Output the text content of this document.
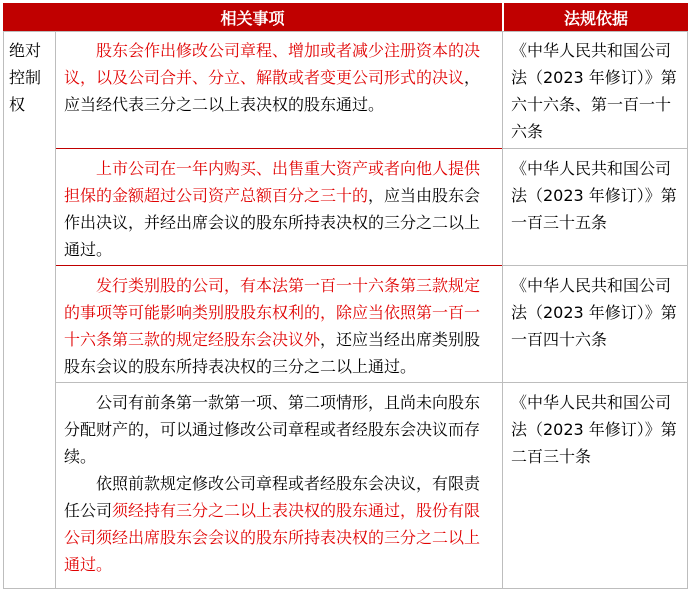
相关事项	法规依据
绝对控制权
股东会作出修改公司章程、增加或者减少注册资本的决议，以及公司合并、分立、解散或者变更公司形式的决议，应当经代表三分之二以上表决权的股东通过。
《中华人民共和国公司法（2023 年修订）》第六十六条、第一百一十六条
上市公司在一年内购买、出售重大资产或者向他人提供担保的金额超过公司资产总额百分之三十的，应当由股东会作出决议，并经出席会议的股东所持表决权的三分之二以上通过。
《中华人民共和国公司法（2023 年修订）》第一百三十五条
发行类别股的公司，有本法第一百一十六条第三款规定的事项等可能影响类别股股东权利的，除应当依照第一百一十六条第三款的规定经股东会决议外，还应当经出席类别股股东会议的股东所持表决权的三分之二以上通过。
《中华人民共和国公司法（2023 年修订）》第一百四十六条
公司有前条第一款第一项、第二项情形，且尚未向股东分配财产的，可以通过修改公司章程或者经股东会决议而存续。
依照前款规定修改公司章程或者经股东会决议，有限责任公司须经持有三分之二以上表决权的股东通过，股份有限公司须经出席股东会会议的股东所持表决权的三分之二以上通过。
《中华人民共和国公司法（2023 年修订）》第二百三十条
